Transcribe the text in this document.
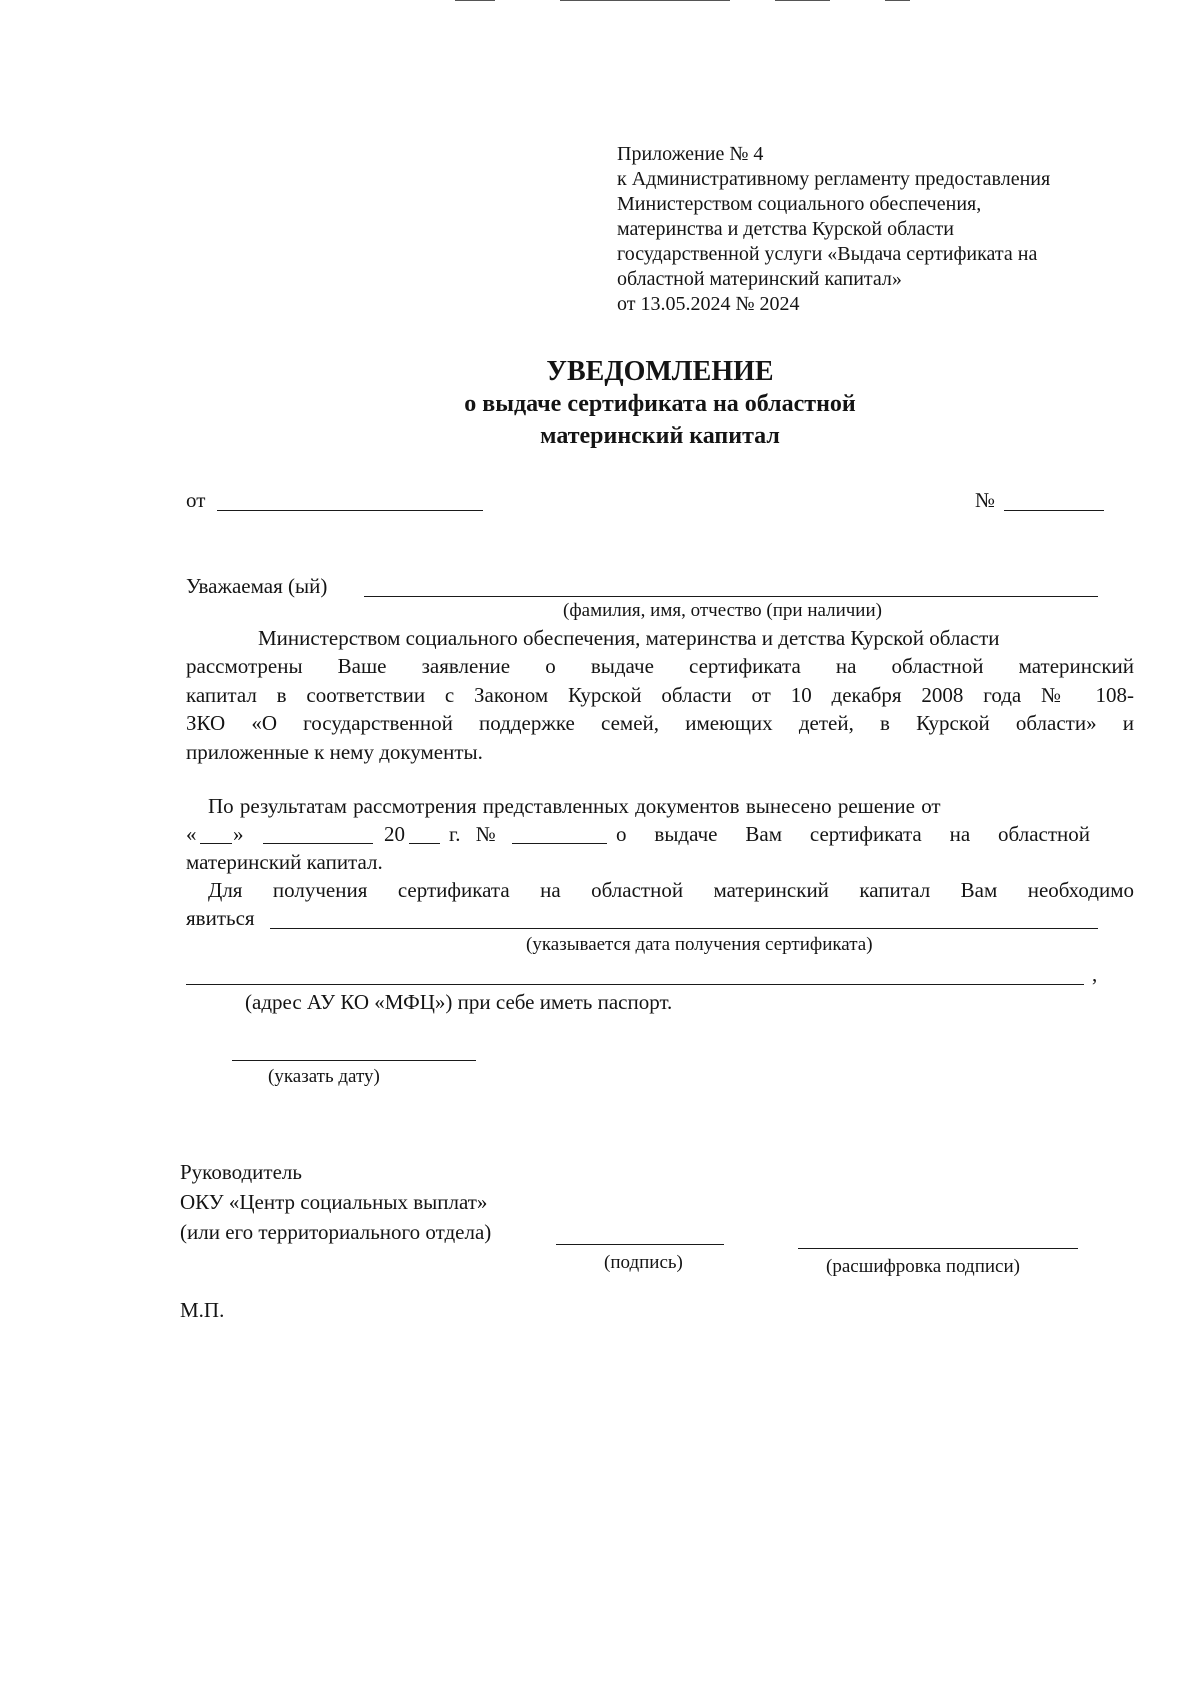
Приложение № 4
к Административному регламенту предоставления
Министерством социального обеспечения,
материнства и детства Курской области
государственной услуги «Выдача сертификата на
областной материнский капитал»
от 13.05.2024 № 2024
УВЕДОМЛЕНИЕ
о выдаче сертификата на областной
материнский капитал
от	№
Уважаемая (ый)
(фамилия, имя, отчество (при наличии)
Министерством социального обеспечения, материнства и детства Курской области
рассмотрены Ваше заявление о выдаче сертификата на областной материнский
капитал в соответствии с Законом Курской области от 10 декабря 2008 года № 108-
ЗКО «О государственной поддержке семей, имеющих детей, в Курской области» и
приложенные к нему документы.
По результатам рассмотрения представленных документов вынесено решение от
« »	20 г. №	о выдаче Вам сертификата на областной
материнский капитал.
Для получения сертификата на областной материнский капитал Вам необходимо
явиться
(указывается дата получения сертификата)
,
(адрес АУ КО «МФЦ») при себе иметь паспорт.
(указать дату)
Руководитель
ОКУ «Центр социальных выплат»
(или его территориального отдела)
(подпись)	(расшифровка подписи)
М.П.
